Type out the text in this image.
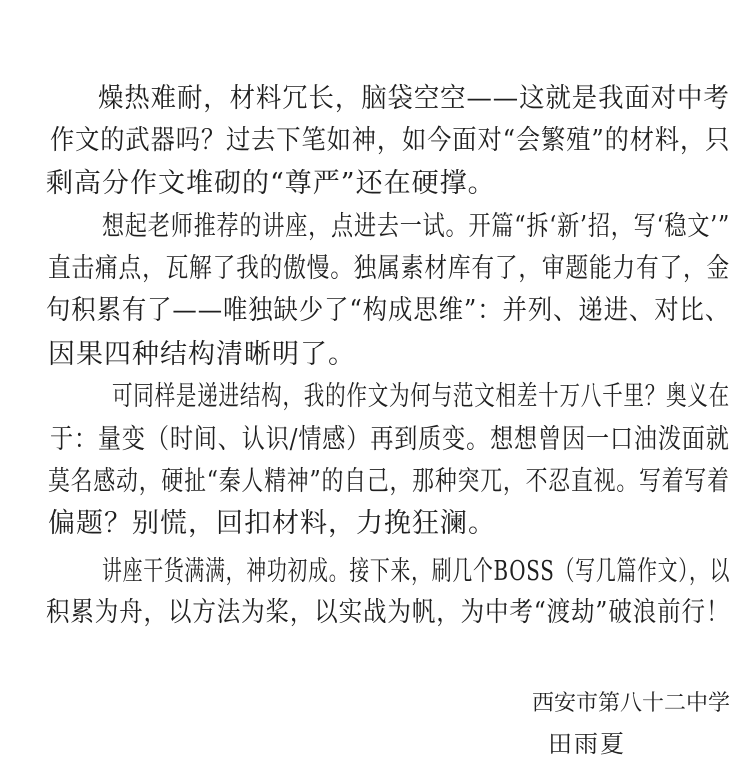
燥热难耐，材料冗长，脑袋空空——这就是我面对中考
作文的武器吗？过去下笔如神，如今面对“会繁殖”的材料，只
剩高分作文堆砌的“尊严”还在硬撑。
想起老师推荐的讲座，点进去一试。开篇“拆‘新’招，写‘稳文’”
直击痛点，瓦解了我的傲慢。独属素材库有了，审题能力有了，金
句积累有了——唯独缺少了“构成思维”：并列、递进、对比、
因果四种结构清晰明了。
可同样是递进结构，我的作文为何与范文相差十万八千里？奥义在
于：量变（时间、认识/情感）再到质变。想想曾因一口油泼面就
莫名感动，硬扯“秦人精神”的自己，那种突兀，不忍直视。写着写着
偏题？别慌，回扣材料，力挽狂澜。
讲座干货满满，神功初成。接下来，刷几个BOSS（写几篇作文），以
积累为舟，以方法为桨，以实战为帆，为中考“渡劫”破浪前行！
西安市第八十二中学
田雨夏
